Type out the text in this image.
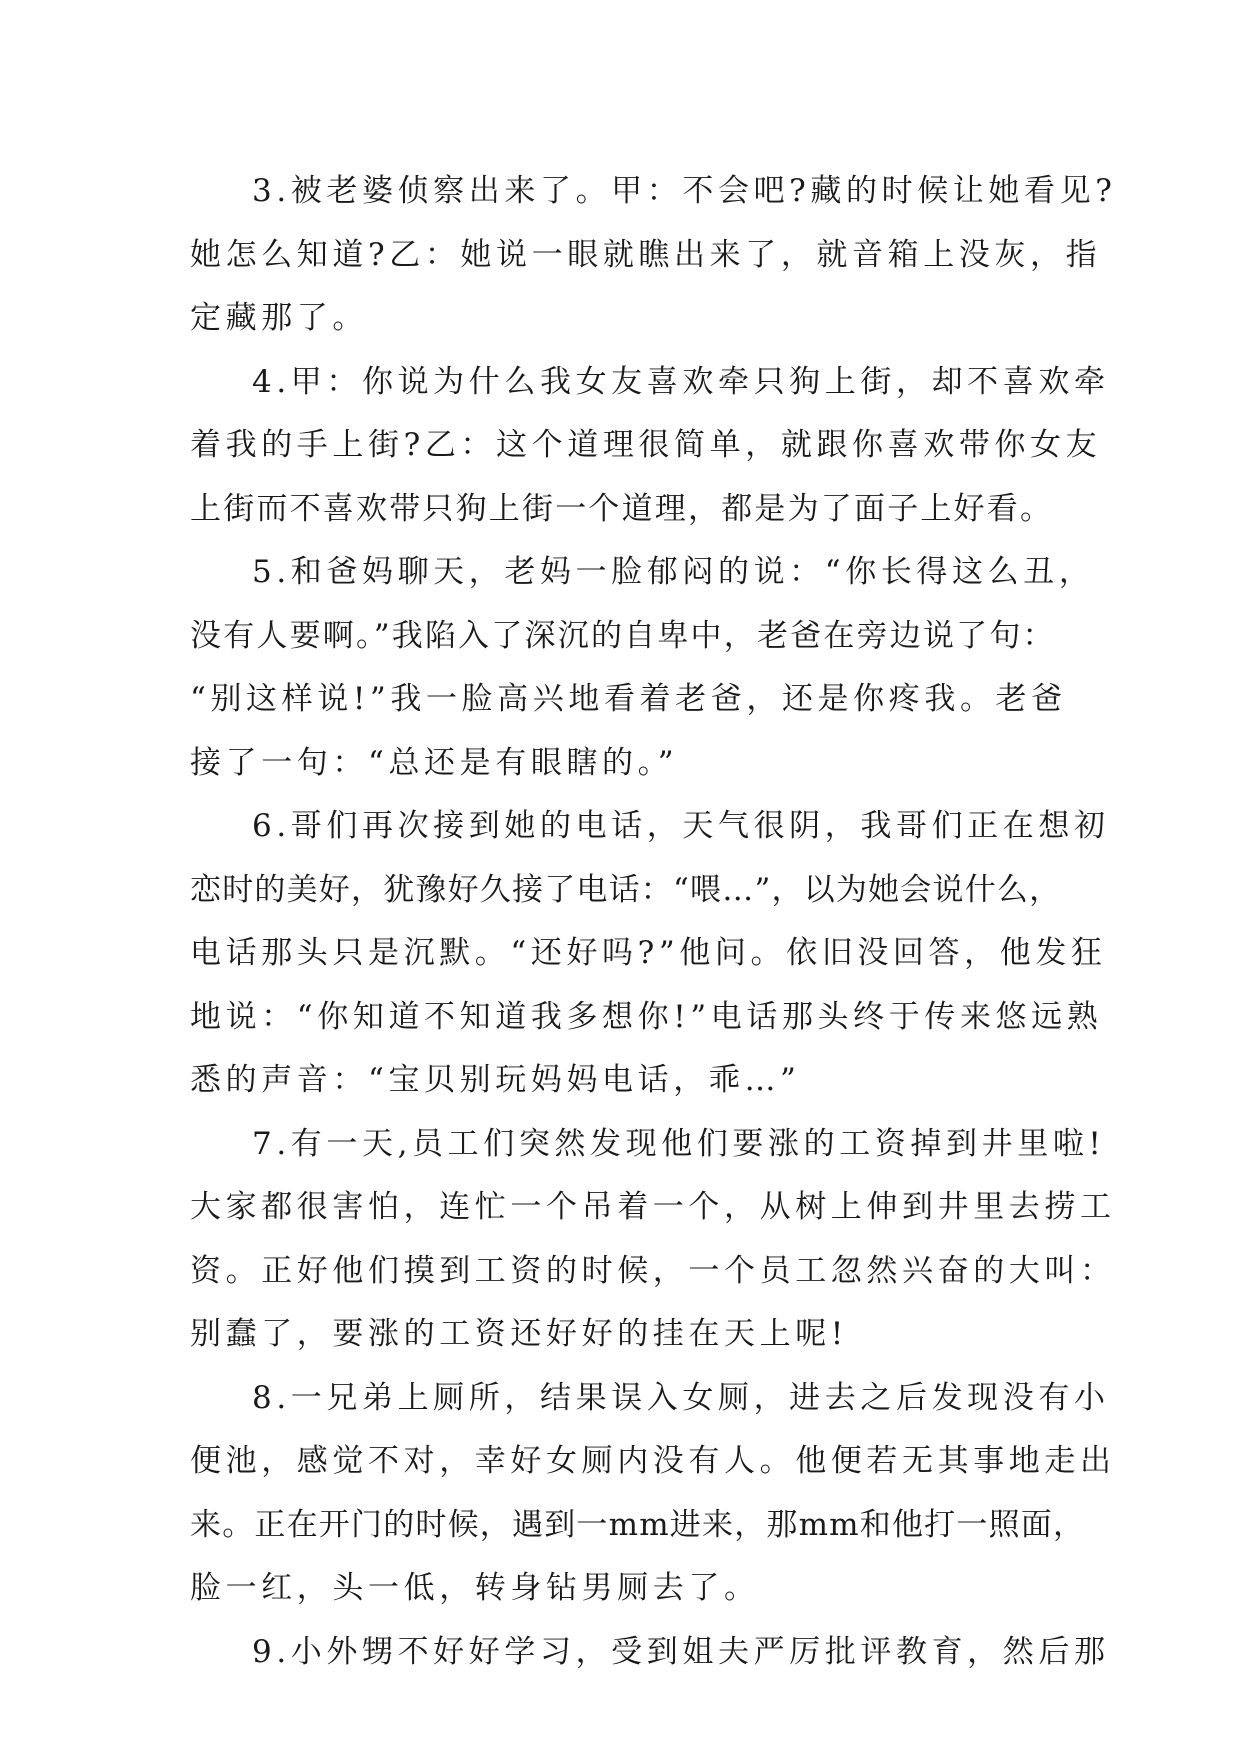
3.被老婆侦察出来了。甲：不会吧?藏的时候让她看见?
她怎么知道?乙：她说一眼就瞧出来了，就音箱上没灰，指
定藏那了。
4.甲：你说为什么我女友喜欢牵只狗上街，却不喜欢牵
着我的手上街?乙：这个道理很简单，就跟你喜欢带你女友
上街而不喜欢带只狗上街一个道理，都是为了面子上好看。
5.和爸妈聊天，老妈一脸郁闷的说：“你长得这么丑，
没有人要啊。”我陷入了深沉的自卑中，老爸在旁边说了句：
“别这样说!”我一脸高兴地看着老爸，还是你疼我。老爸
接了一句：“总还是有眼瞎的。”
6.哥们再次接到她的电话，天气很阴，我哥们正在想初
恋时的美好，犹豫好久接了电话：“喂…”，以为她会说什么，
电话那头只是沉默。“还好吗?”他问。依旧没回答，他发狂
地说：“你知道不知道我多想你!”电话那头终于传来悠远熟
悉的声音：“宝贝别玩妈妈电话，乖…”
7.有一天,员工们突然发现他们要涨的工资掉到井里啦!
大家都很害怕，连忙一个吊着一个，从树上伸到井里去捞工
资。正好他们摸到工资的时候，一个员工忽然兴奋的大叫：
别蠢了，要涨的工资还好好的挂在天上呢!
8.一兄弟上厕所，结果误入女厕，进去之后发现没有小
便池，感觉不对，幸好女厕内没有人。他便若无其事地走出
来。正在开门的时候，遇到一mm进来，那mm和他打一照面，
脸一红，头一低，转身钻男厕去了。
9.小外甥不好好学习，受到姐夫严厉批评教育，然后那
